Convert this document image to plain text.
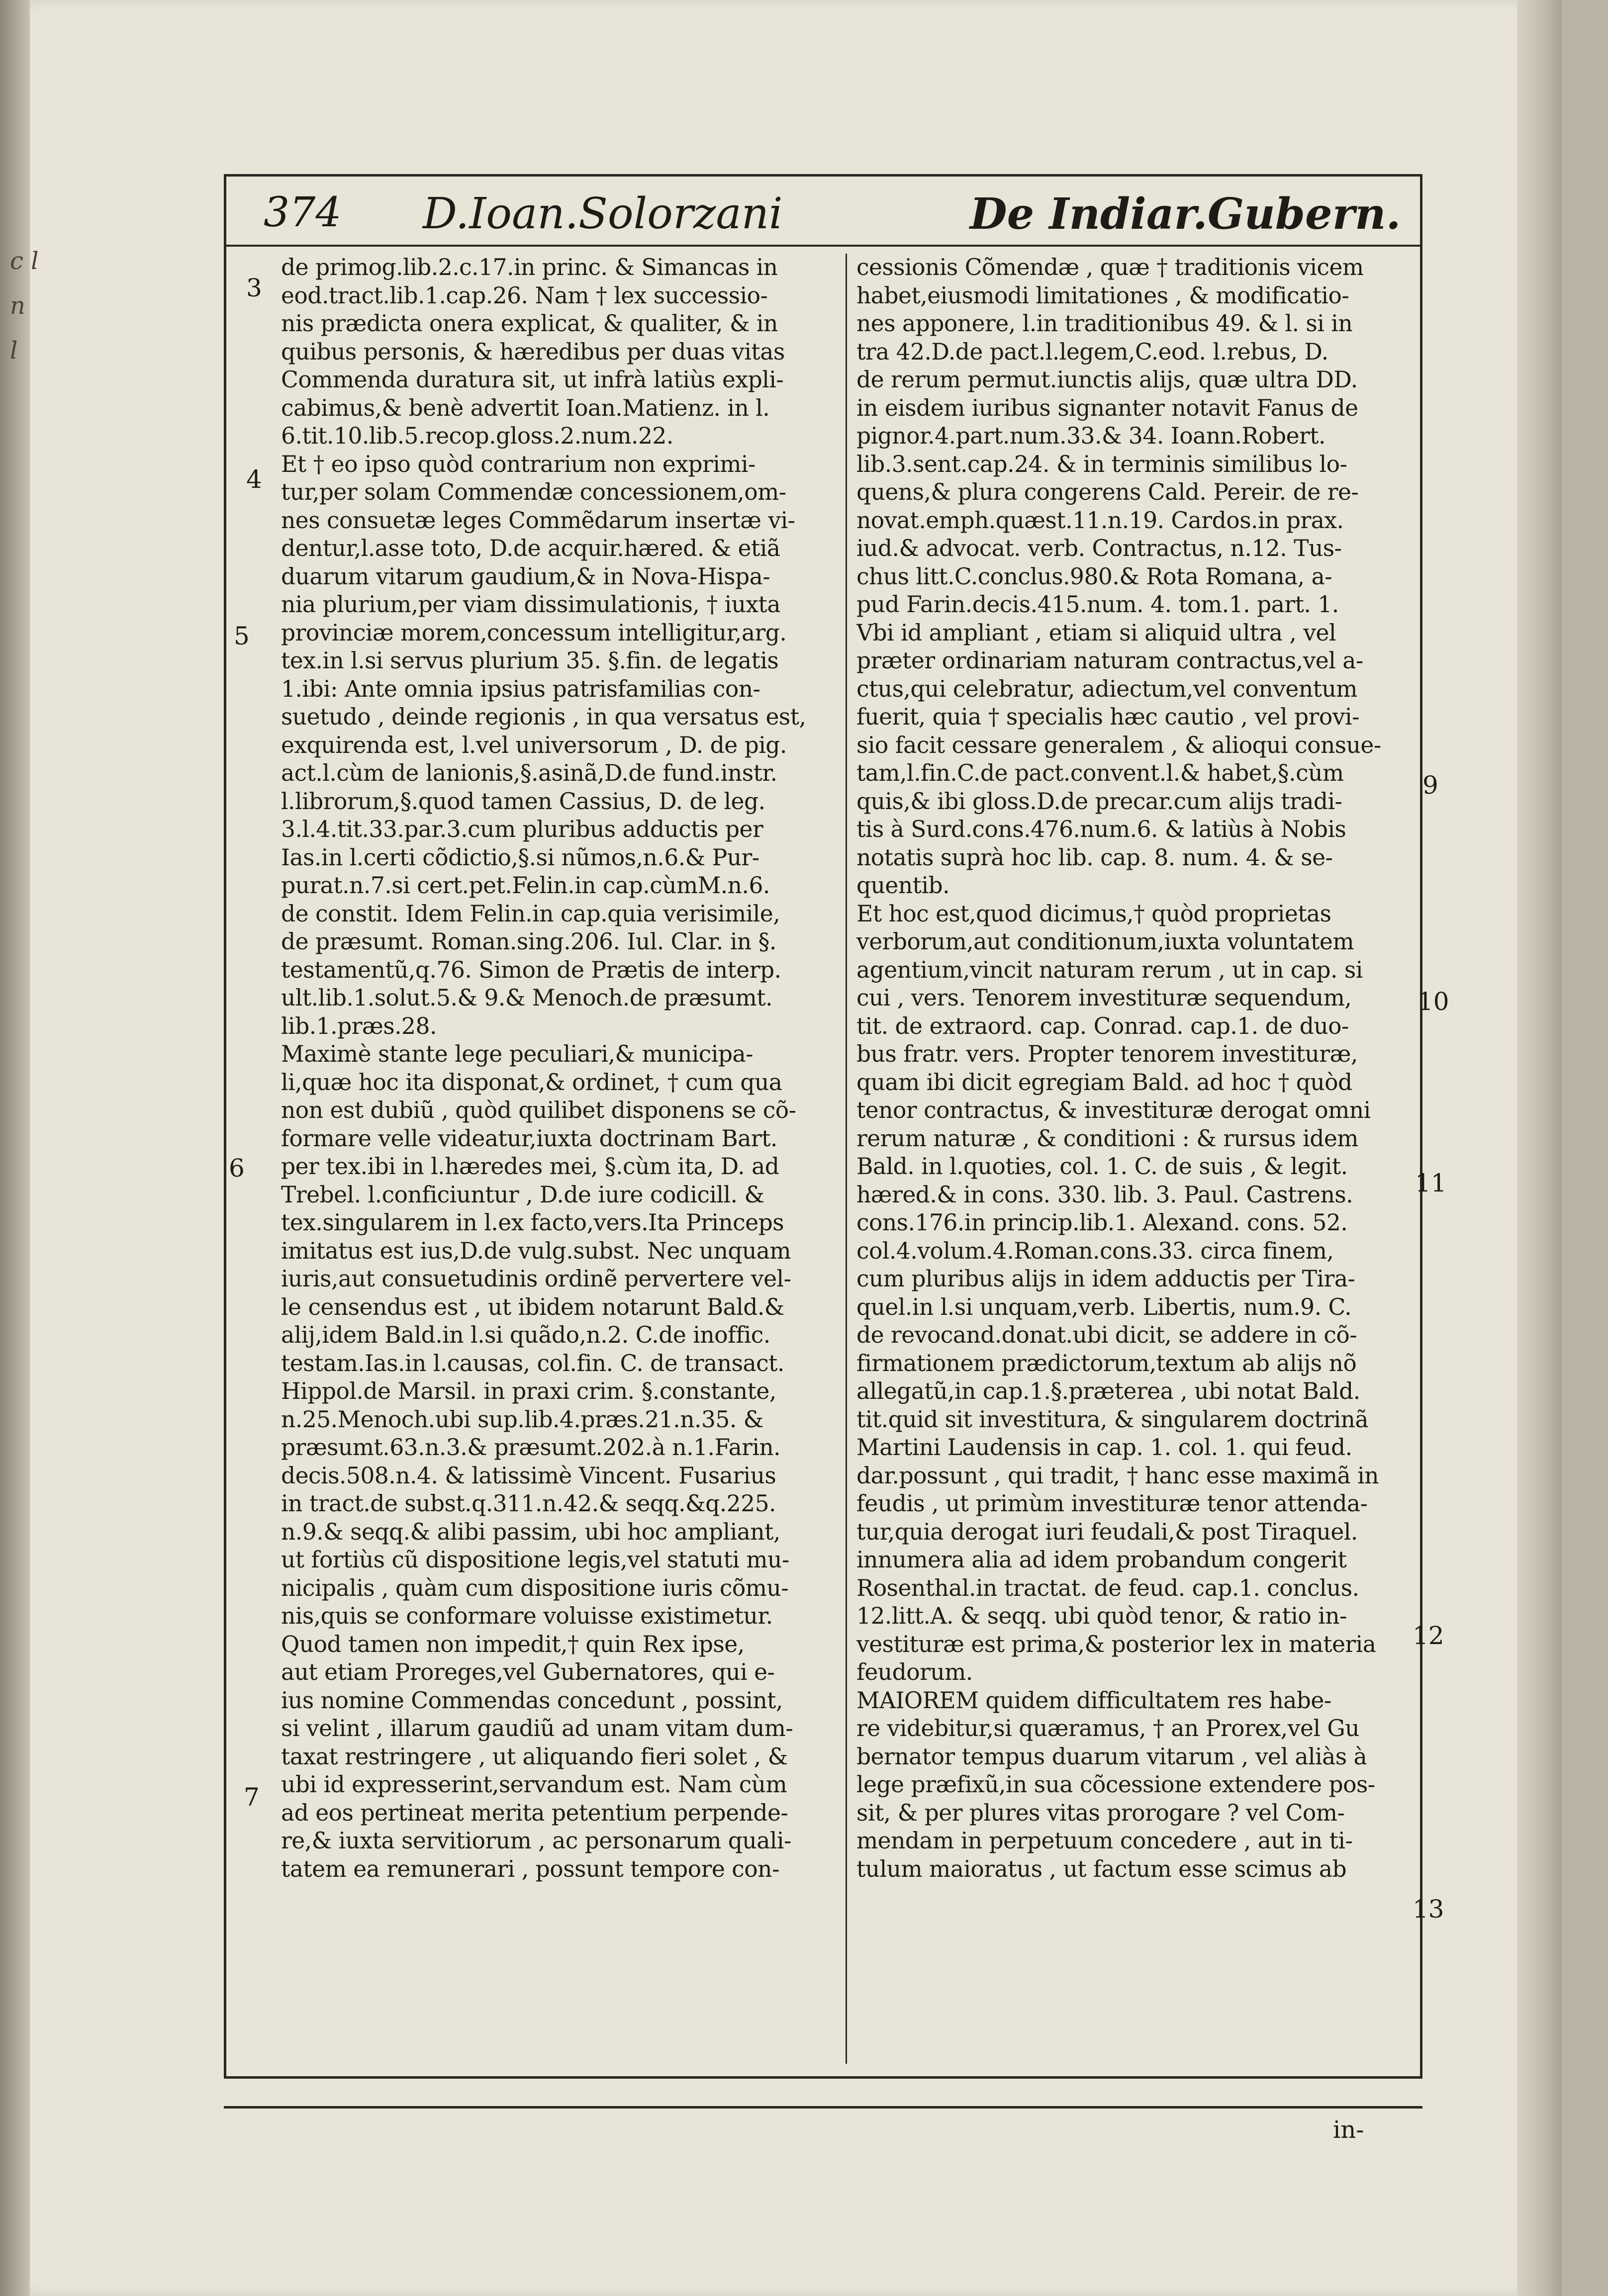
c l n l
374 D.Ioan.Solorzani	De Indiar.Gubern.
de primog.lib.2.c.17.in princ. & Simancas in
eod.tract.lib.1.cap.26. Nam † lex successio-
nis prædicta onera explicat, & qualiter, & in
quibus personis, & hæredibus per duas vitas
Commenda duratura sit, ut infrà latiùs expli-
cabimus,& benè advertit Ioan.Matienz. in l.
6.tit.10.lib.5.recop.gloss.2.num.22.
Et † eo ipso quòd contrarium non exprimi-
tur,per solam Commendæ concessionem,om-
nes consuetæ leges Commẽdarum insertæ vi-
dentur,l.asse toto, D.de acquir.hæred. & etiã
duarum vitarum gaudium,& in Nova-Hispa-
nia plurium,per viam dissimulationis, † iuxta
provinciæ morem,concessum intelligitur,arg.
tex.in l.si servus plurium 35. §.fin. de legatis
1.ibi: Ante omnia ipsius patrisfamilias con-
suetudo , deinde regionis , in qua versatus est,
exquirenda est, l.vel universorum , D. de pig.
act.l.cùm de lanionis,§.asinã,D.de fund.instr.
l.librorum,§.quod tamen Cassius, D. de leg.
3.l.4.tit.33.par.3.cum pluribus adductis per
Ias.in l.certi cõdictio,§.si nũmos,n.6.& Pur-
purat.n.7.si cert.pet.Felin.in cap.cùmM.n.6.
de constit. Idem Felin.in cap.quia verisimile,
de præsumt. Roman.sing.206. Iul. Clar. in §.
testamentũ,q.76. Simon de Prætis de interp.
ult.lib.1.solut.5.& 9.& Menoch.de præsumt.
lib.1.præs.28.
Maximè stante lege peculiari,& municipa-
li,quæ hoc ita disponat,& ordinet, † cum qua
non est dubiũ , quòd quilibet disponens se cõ-
formare velle videatur,iuxta doctrinam Bart.
per tex.ibi in l.hæredes mei, §.cùm ita, D. ad
Trebel. l.conficiuntur , D.de iure codicill. &
tex.singularem in l.ex facto,vers.Ita Princeps
imitatus est ius,D.de vulg.subst. Nec unquam
iuris,aut consuetudinis ordinẽ pervertere vel-
le censendus est , ut ibidem notarunt Bald.&
alij,idem Bald.in l.si quãdo,n.2. C.de inoffic.
testam.Ias.in l.causas, col.fin. C. de transact.
Hippol.de Marsil. in praxi crim. §.constante,
n.25.Menoch.ubi sup.lib.4.præs.21.n.35. &
præsumt.63.n.3.& præsumt.202.à n.1.Farin.
decis.508.n.4. & latissimè Vincent. Fusarius
in tract.de subst.q.311.n.42.& seqq.&q.225.
n.9.& seqq.& alibi passim, ubi hoc ampliant,
ut fortiùs cũ dispositione legis,vel statuti mu-
nicipalis , quàm cum dispositione iuris cõmu-
nis,quis se conformare voluisse existimetur.
Quod tamen non impedit,† quin Rex ipse,
aut etiam Proreges,vel Gubernatores, qui e-
ius nomine Commendas concedunt , possint,
si velint , illarum gaudiũ ad unam vitam dum-
taxat restringere , ut aliquando fieri solet , &
ubi id expresserint,servandum est. Nam cùm
ad eos pertineat merita petentium perpende-
re,& iuxta servitiorum , ac personarum quali-
tatem ea remunerari , possunt tempore con-
cessionis Cõmendæ , quæ † traditionis vicem
habet,eiusmodi limitationes , & modificatio-
nes apponere, l.in traditionibus 49. & l. si in
tra 42.D.de pact.l.legem,C.eod. l.rebus, D.
de rerum permut.iunctis alijs, quæ ultra DD.
in eisdem iuribus signanter notavit Fanus de
pignor.4.part.num.33.& 34. Ioann.Robert.
lib.3.sent.cap.24. & in terminis similibus lo-
quens,& plura congerens Cald. Pereir. de re-
novat.emph.quæst.11.n.19. Cardos.in prax.
iud.& advocat. verb. Contractus, n.12. Tus-
chus litt.C.conclus.980.& Rota Romana, a-
pud Farin.decis.415.num. 4. tom.1. part. 1.
Vbi id ampliant , etiam si aliquid ultra , vel
præter ordinariam naturam contractus,vel a-
ctus,qui celebratur, adiectum,vel conventum
fuerit, quia † specialis hæc cautio , vel provi-
sio facit cessare generalem , & alioqui consue-
tam,l.fin.C.de pact.convent.l.& habet,§.cùm
quis,& ibi gloss.D.de precar.cum alijs tradi-
tis à Surd.cons.476.num.6. & latiùs à Nobis
notatis suprà hoc lib. cap. 8. num. 4. & se-
quentib.
Et hoc est,quod dicimus,† quòd proprietas
verborum,aut conditionum,iuxta voluntatem
agentium,vincit naturam rerum , ut in cap. si
cui , vers. Tenorem investituræ sequendum,
tit. de extraord. cap. Conrad. cap.1. de duo-
bus fratr. vers. Propter tenorem investituræ,
quam ibi dicit egregiam Bald. ad hoc † quòd
tenor contractus, & investituræ derogat omni
rerum naturæ , & conditioni : & rursus idem
Bald. in l.quoties, col. 1. C. de suis , & legit.
hæred.& in cons. 330. lib. 3. Paul. Castrens.
cons.176.in princip.lib.1. Alexand. cons. 52.
col.4.volum.4.Roman.cons.33. circa finem,
cum pluribus alijs in idem adductis per Tira-
quel.in l.si unquam,verb. Libertis, num.9. C.
de revocand.donat.ubi dicit, se addere in cõ-
firmationem prædictorum,textum ab alijs nõ
allegatũ,in cap.1.§.præterea , ubi notat Bald.
tit.quid sit investitura, & singularem doctrinã
Martini Laudensis in cap. 1. col. 1. qui feud.
dar.possunt , qui tradit, † hanc esse maximã in
feudis , ut primùm investituræ tenor attenda-
tur,quia derogat iuri feudali,& post Tiraquel.
innumera alia ad idem probandum congerit
Rosenthal.in tractat. de feud. cap.1. conclus.
12.litt.A. & seqq. ubi quòd tenor, & ratio in-
vestituræ est prima,& posterior lex in materia
feudorum.
MAIOREM quidem difficultatem res habe-
re videbitur,si quæramus, † an Prorex,vel Gu
bernator tempus duarum vitarum , vel aliàs à
lege præfixũ,in sua cõcessione extendere pos-
sit, & per plures vitas prorogare ? vel Com-
mendam in perpetuum concedere , aut in ti-
tulum maioratus , ut factum esse scimus ab
3
4
5
6
7
9
10
11
12
13
in-
